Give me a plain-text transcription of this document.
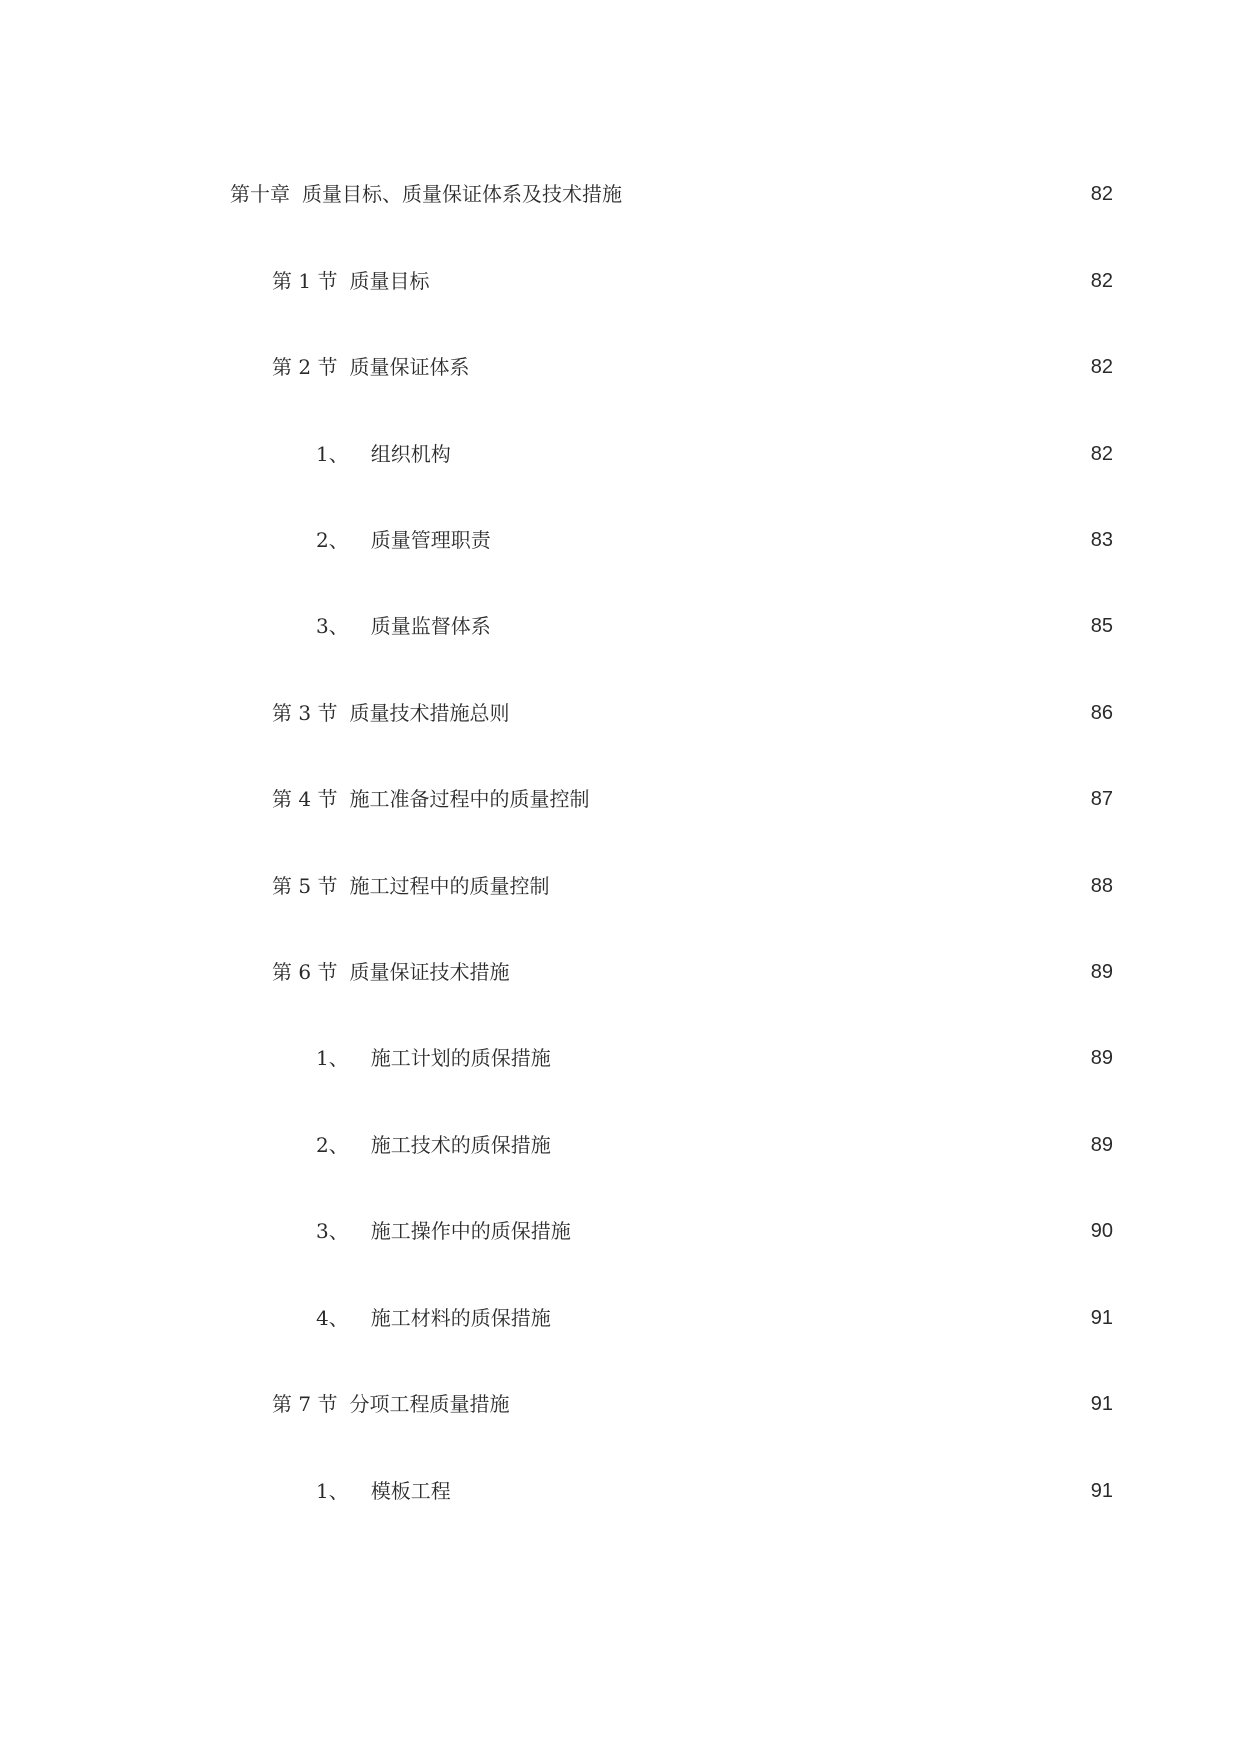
第十章 质量目标、质量保证体系及技术措施	82
第 1 节 质量目标	82
第 2 节 质量保证体系	82
1、 组织机构	82
2、 质量管理职责	83
3、 质量监督体系	85
第 3 节 质量技术措施总则	86
第 4 节 施工准备过程中的质量控制	87
第 5 节 施工过程中的质量控制	88
第 6 节 质量保证技术措施	89
1、 施工计划的质保措施	89
2、 施工技术的质保措施	89
3、 施工操作中的质保措施	90
4、 施工材料的质保措施	91
第 7 节 分项工程质量措施	91
1、 模板工程	91
